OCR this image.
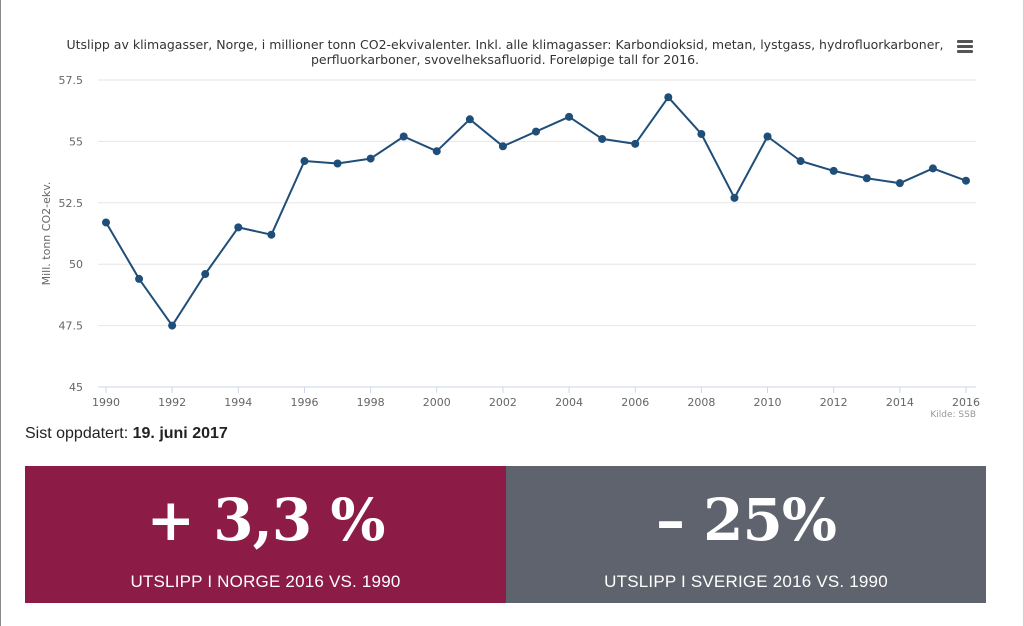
Utslipp av klimagasser, Norge, i millioner tonn CO2-ekvivalenter. Inkl. alle klimagasser: Karbondioksid, metan, lystgass, hydrofluorkarboner,
perfluorkarboner, svovelheksafluorid. Foreløpige tall for 2016.
45
47.5
50
52.5
55
57.5
1990	1992	1994	1996	1998	2000	2002	2004	2006	2008	2010	2012	2014	2016
Mill. tonn CO2-ekv.
Kilde: SSB
Sist oppdatert: 19. juni 2017
+ 3,3 %
UTSLIPP I NORGE 2016 VS. 1990
– 25%
UTSLIPP I SVERIGE 2016 VS. 1990
